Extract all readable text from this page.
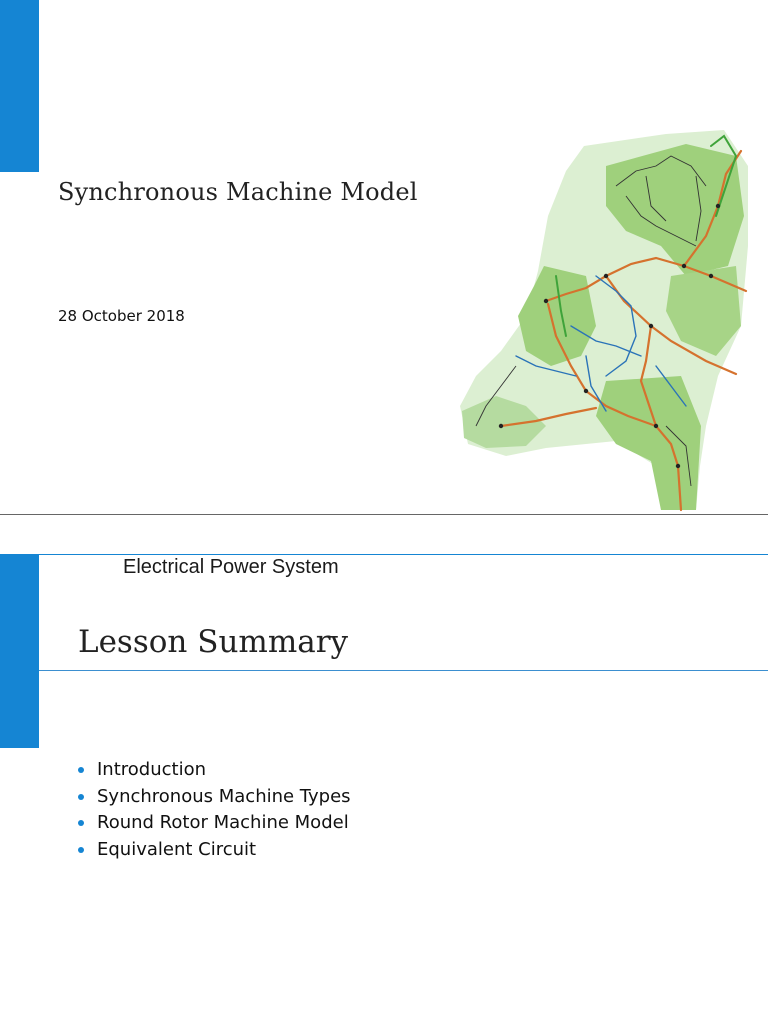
Synchronous Machine Model
28 October 2018
Electrical Power System
Lesson Summary
Introduction
Synchronous Machine Types
Round Rotor Machine Model
Equivalent Circuit
